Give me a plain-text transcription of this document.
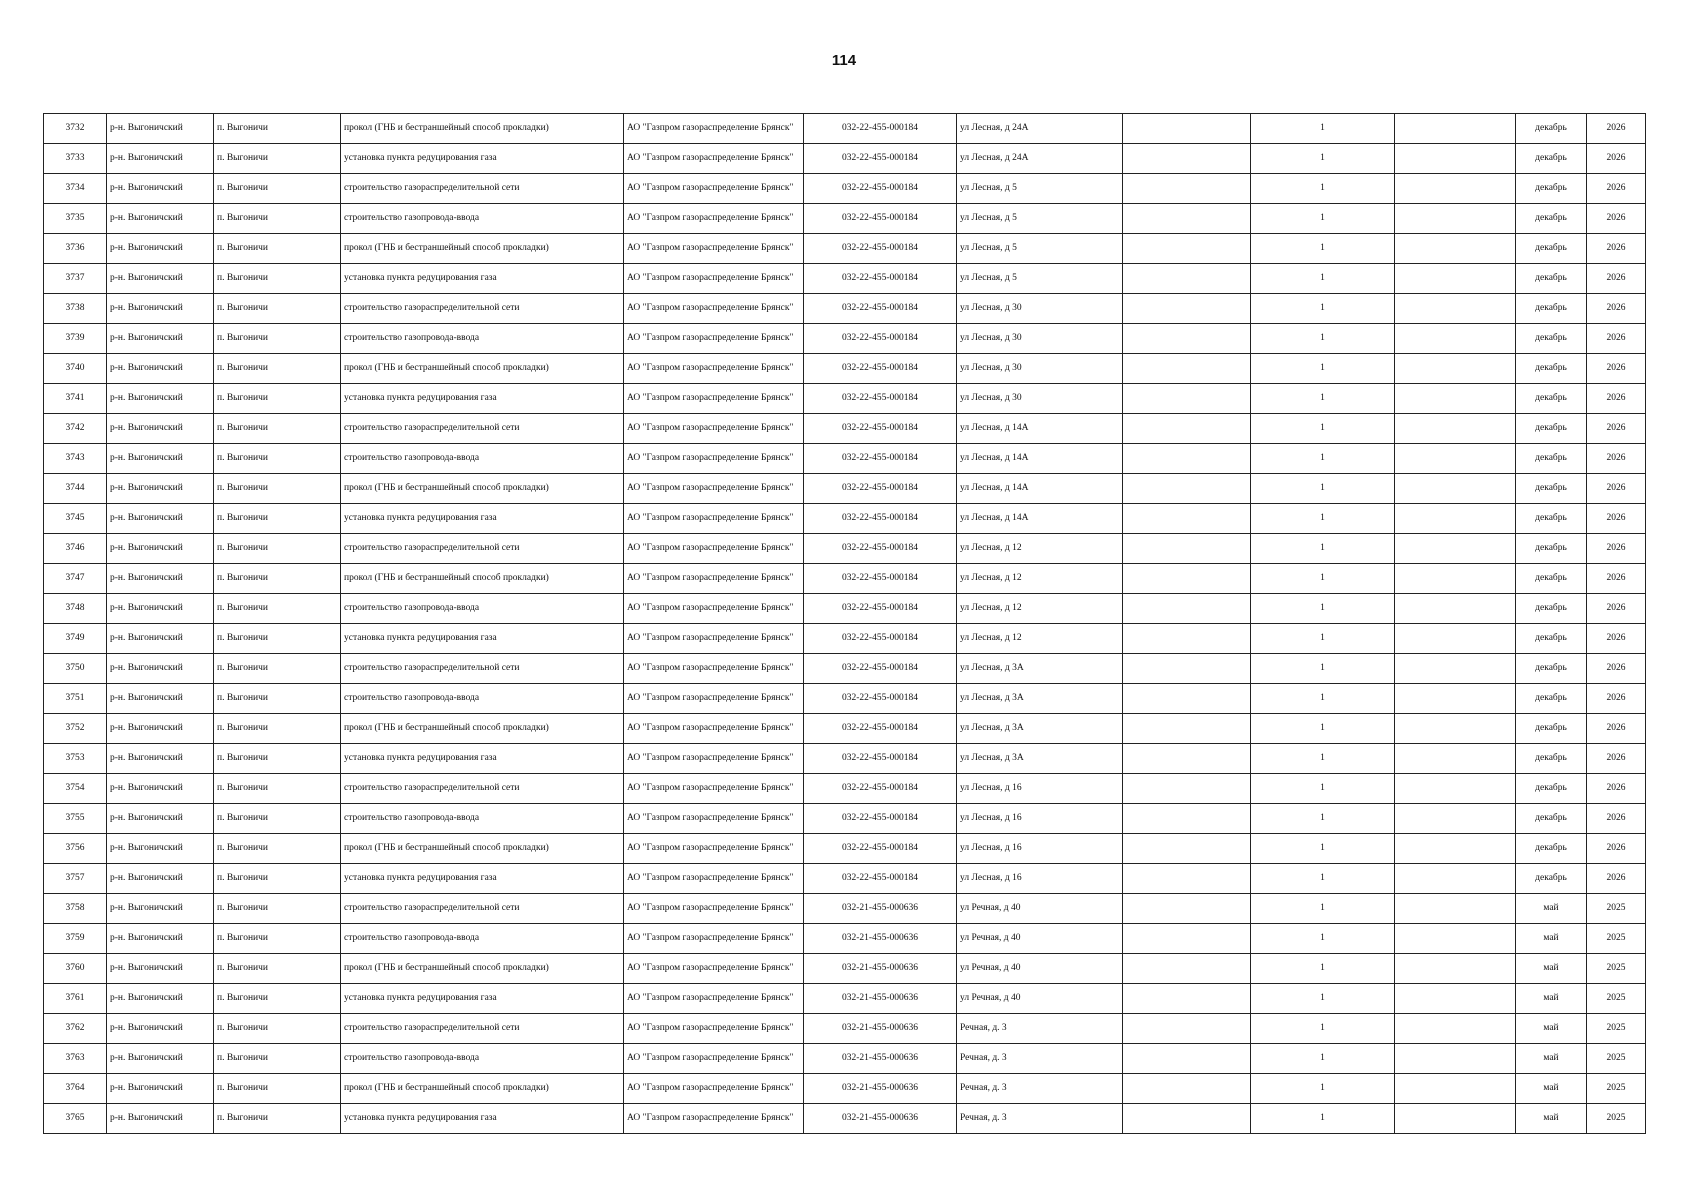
114
3732	р-н. Выгоничский	п. Выгоничи	прокол (ГНБ и бестраншейный способ прокладки)	АО "Газпром газораспределение Брянск"	032-22-455-000184	ул Лесная, д 24А		1		декабрь	2026
3733	р-н. Выгоничский	п. Выгоничи	установка пункта редуцирования газа	АО "Газпром газораспределение Брянск"	032-22-455-000184	ул Лесная, д 24А		1		декабрь	2026
3734	р-н. Выгоничский	п. Выгоничи	строительство газораспределительной сети	АО "Газпром газораспределение Брянск"	032-22-455-000184	ул Лесная, д 5		1		декабрь	2026
3735	р-н. Выгоничский	п. Выгоничи	строительство газопровода-ввода	АО "Газпром газораспределение Брянск"	032-22-455-000184	ул Лесная, д 5		1		декабрь	2026
3736	р-н. Выгоничский	п. Выгоничи	прокол (ГНБ и бестраншейный способ прокладки)	АО "Газпром газораспределение Брянск"	032-22-455-000184	ул Лесная, д 5		1		декабрь	2026
3737	р-н. Выгоничский	п. Выгоничи	установка пункта редуцирования газа	АО "Газпром газораспределение Брянск"	032-22-455-000184	ул Лесная, д 5		1		декабрь	2026
3738	р-н. Выгоничский	п. Выгоничи	строительство газораспределительной сети	АО "Газпром газораспределение Брянск"	032-22-455-000184	ул Лесная, д 30		1		декабрь	2026
3739	р-н. Выгоничский	п. Выгоничи	строительство газопровода-ввода	АО "Газпром газораспределение Брянск"	032-22-455-000184	ул Лесная, д 30		1		декабрь	2026
3740	р-н. Выгоничский	п. Выгоничи	прокол (ГНБ и бестраншейный способ прокладки)	АО "Газпром газораспределение Брянск"	032-22-455-000184	ул Лесная, д 30		1		декабрь	2026
3741	р-н. Выгоничский	п. Выгоничи	установка пункта редуцирования газа	АО "Газпром газораспределение Брянск"	032-22-455-000184	ул Лесная, д 30		1		декабрь	2026
3742	р-н. Выгоничский	п. Выгоничи	строительство газораспределительной сети	АО "Газпром газораспределение Брянск"	032-22-455-000184	ул Лесная, д 14А		1		декабрь	2026
3743	р-н. Выгоничский	п. Выгоничи	строительство газопровода-ввода	АО "Газпром газораспределение Брянск"	032-22-455-000184	ул Лесная, д 14А		1		декабрь	2026
3744	р-н. Выгоничский	п. Выгоничи	прокол (ГНБ и бестраншейный способ прокладки)	АО "Газпром газораспределение Брянск"	032-22-455-000184	ул Лесная, д 14А		1		декабрь	2026
3745	р-н. Выгоничский	п. Выгоничи	установка пункта редуцирования газа	АО "Газпром газораспределение Брянск"	032-22-455-000184	ул Лесная, д 14А		1		декабрь	2026
3746	р-н. Выгоничский	п. Выгоничи	строительство газораспределительной сети	АО "Газпром газораспределение Брянск"	032-22-455-000184	ул Лесная, д 12		1		декабрь	2026
3747	р-н. Выгоничский	п. Выгоничи	прокол (ГНБ и бестраншейный способ прокладки)	АО "Газпром газораспределение Брянск"	032-22-455-000184	ул Лесная, д 12		1		декабрь	2026
3748	р-н. Выгоничский	п. Выгоничи	строительство газопровода-ввода	АО "Газпром газораспределение Брянск"	032-22-455-000184	ул Лесная, д 12		1		декабрь	2026
3749	р-н. Выгоничский	п. Выгоничи	установка пункта редуцирования газа	АО "Газпром газораспределение Брянск"	032-22-455-000184	ул Лесная, д 12		1		декабрь	2026
3750	р-н. Выгоничский	п. Выгоничи	строительство газораспределительной сети	АО "Газпром газораспределение Брянск"	032-22-455-000184	ул Лесная, д 3А		1		декабрь	2026
3751	р-н. Выгоничский	п. Выгоничи	строительство газопровода-ввода	АО "Газпром газораспределение Брянск"	032-22-455-000184	ул Лесная, д 3А		1		декабрь	2026
3752	р-н. Выгоничский	п. Выгоничи	прокол (ГНБ и бестраншейный способ прокладки)	АО "Газпром газораспределение Брянск"	032-22-455-000184	ул Лесная, д 3А		1		декабрь	2026
3753	р-н. Выгоничский	п. Выгоничи	установка пункта редуцирования газа	АО "Газпром газораспределение Брянск"	032-22-455-000184	ул Лесная, д 3А		1		декабрь	2026
3754	р-н. Выгоничский	п. Выгоничи	строительство газораспределительной сети	АО "Газпром газораспределение Брянск"	032-22-455-000184	ул Лесная, д 16		1		декабрь	2026
3755	р-н. Выгоничский	п. Выгоничи	строительство газопровода-ввода	АО "Газпром газораспределение Брянск"	032-22-455-000184	ул Лесная, д 16		1		декабрь	2026
3756	р-н. Выгоничский	п. Выгоничи	прокол (ГНБ и бестраншейный способ прокладки)	АО "Газпром газораспределение Брянск"	032-22-455-000184	ул Лесная, д 16		1		декабрь	2026
3757	р-н. Выгоничский	п. Выгоничи	установка пункта редуцирования газа	АО "Газпром газораспределение Брянск"	032-22-455-000184	ул Лесная, д 16		1		декабрь	2026
3758	р-н. Выгоничский	п. Выгоничи	строительство газораспределительной сети	АО "Газпром газораспределение Брянск"	032-21-455-000636	ул Речная, д 40		1		май	2025
3759	р-н. Выгоничский	п. Выгоничи	строительство газопровода-ввода	АО "Газпром газораспределение Брянск"	032-21-455-000636	ул Речная, д 40		1		май	2025
3760	р-н. Выгоничский	п. Выгоничи	прокол (ГНБ и бестраншейный способ прокладки)	АО "Газпром газораспределение Брянск"	032-21-455-000636	ул Речная, д 40		1		май	2025
3761	р-н. Выгоничский	п. Выгоничи	установка пункта редуцирования газа	АО "Газпром газораспределение Брянск"	032-21-455-000636	ул Речная, д 40		1		май	2025
3762	р-н. Выгоничский	п. Выгоничи	строительство газораспределительной сети	АО "Газпром газораспределение Брянск"	032-21-455-000636	Речная, д. 3		1		май	2025
3763	р-н. Выгоничский	п. Выгоничи	строительство газопровода-ввода	АО "Газпром газораспределение Брянск"	032-21-455-000636	Речная, д. 3		1		май	2025
3764	р-н. Выгоничский	п. Выгоничи	прокол (ГНБ и бестраншейный способ прокладки)	АО "Газпром газораспределение Брянск"	032-21-455-000636	Речная, д. 3		1		май	2025
3765	р-н. Выгоничский	п. Выгоничи	установка пункта редуцирования газа	АО "Газпром газораспределение Брянск"	032-21-455-000636	Речная, д. 3		1		май	2025
